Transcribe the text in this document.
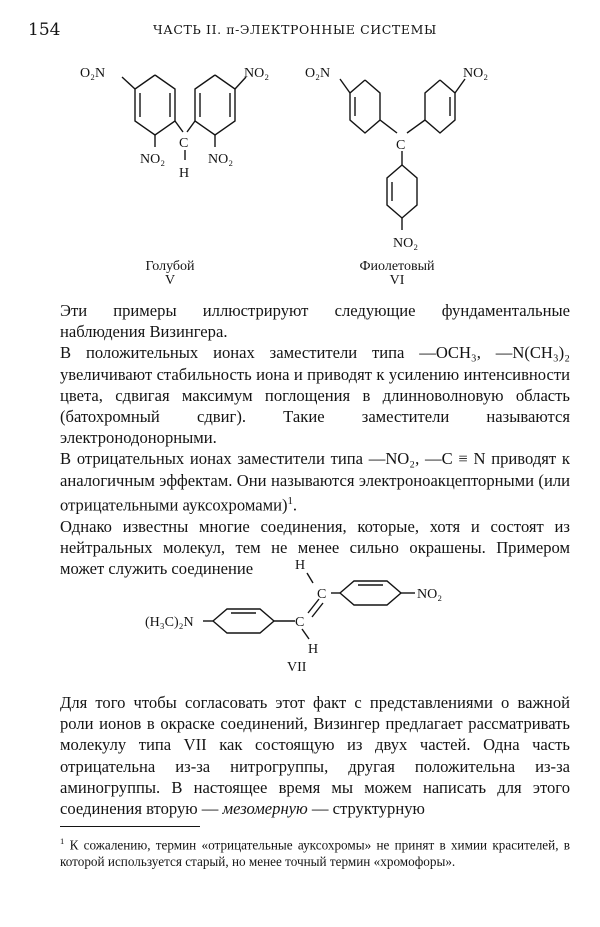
154	ЧАСТЬ II. π-ЭЛЕКТРОННЫЕ СИСТЕМЫ
O₂N	NO₂
NO₂	NO₂
C
H
Голубой
V
O₂N	NO₂
C
NO₂
Фиолетовый
VI

Эти примеры иллюстрируют следующие фундаментальные наблюдения Визингера.

В положительных ионах заместители типа —OCH₃, —N(CH₃)₂ увеличивают стабильность иона и приводят к усилению интенсивности цвета, сдвигая максимум поглощения в длинноволновую область (батохромный сдвиг). Такие заместители называются электронодонорными.

В отрицательных ионах заместители типа —NO₂, —C ≡ N приводят к аналогичным эффектам. Они называются электроноакцепторными (или отрицательными ауксохромами)$^1$.

Однако известны многие соединения, которые, хотя и состоят из нейтральных молекул, тем не менее сильно окрашены. Примером может служить соединение	H
C	NO₂
(H₃C)₂N	C
H
VII

Для того чтобы согласовать этот факт с представлениями о важной роли ионов в окраске соединений, Визингер предлагает рассматривать молекулу типа VII как состоящую из двух частей. Одна часть отрицательна из-за нитрогруппы, другая положительна из-за аминогруппы. В настоящее время мы можем написать для этого соединения вторую — мезомерную — структурную

$^1$ К сожалению, термин «отрицательные ауксохромы» не принят в химии красителей, в которой используется старый, но менее точный термин «хромофоры».
